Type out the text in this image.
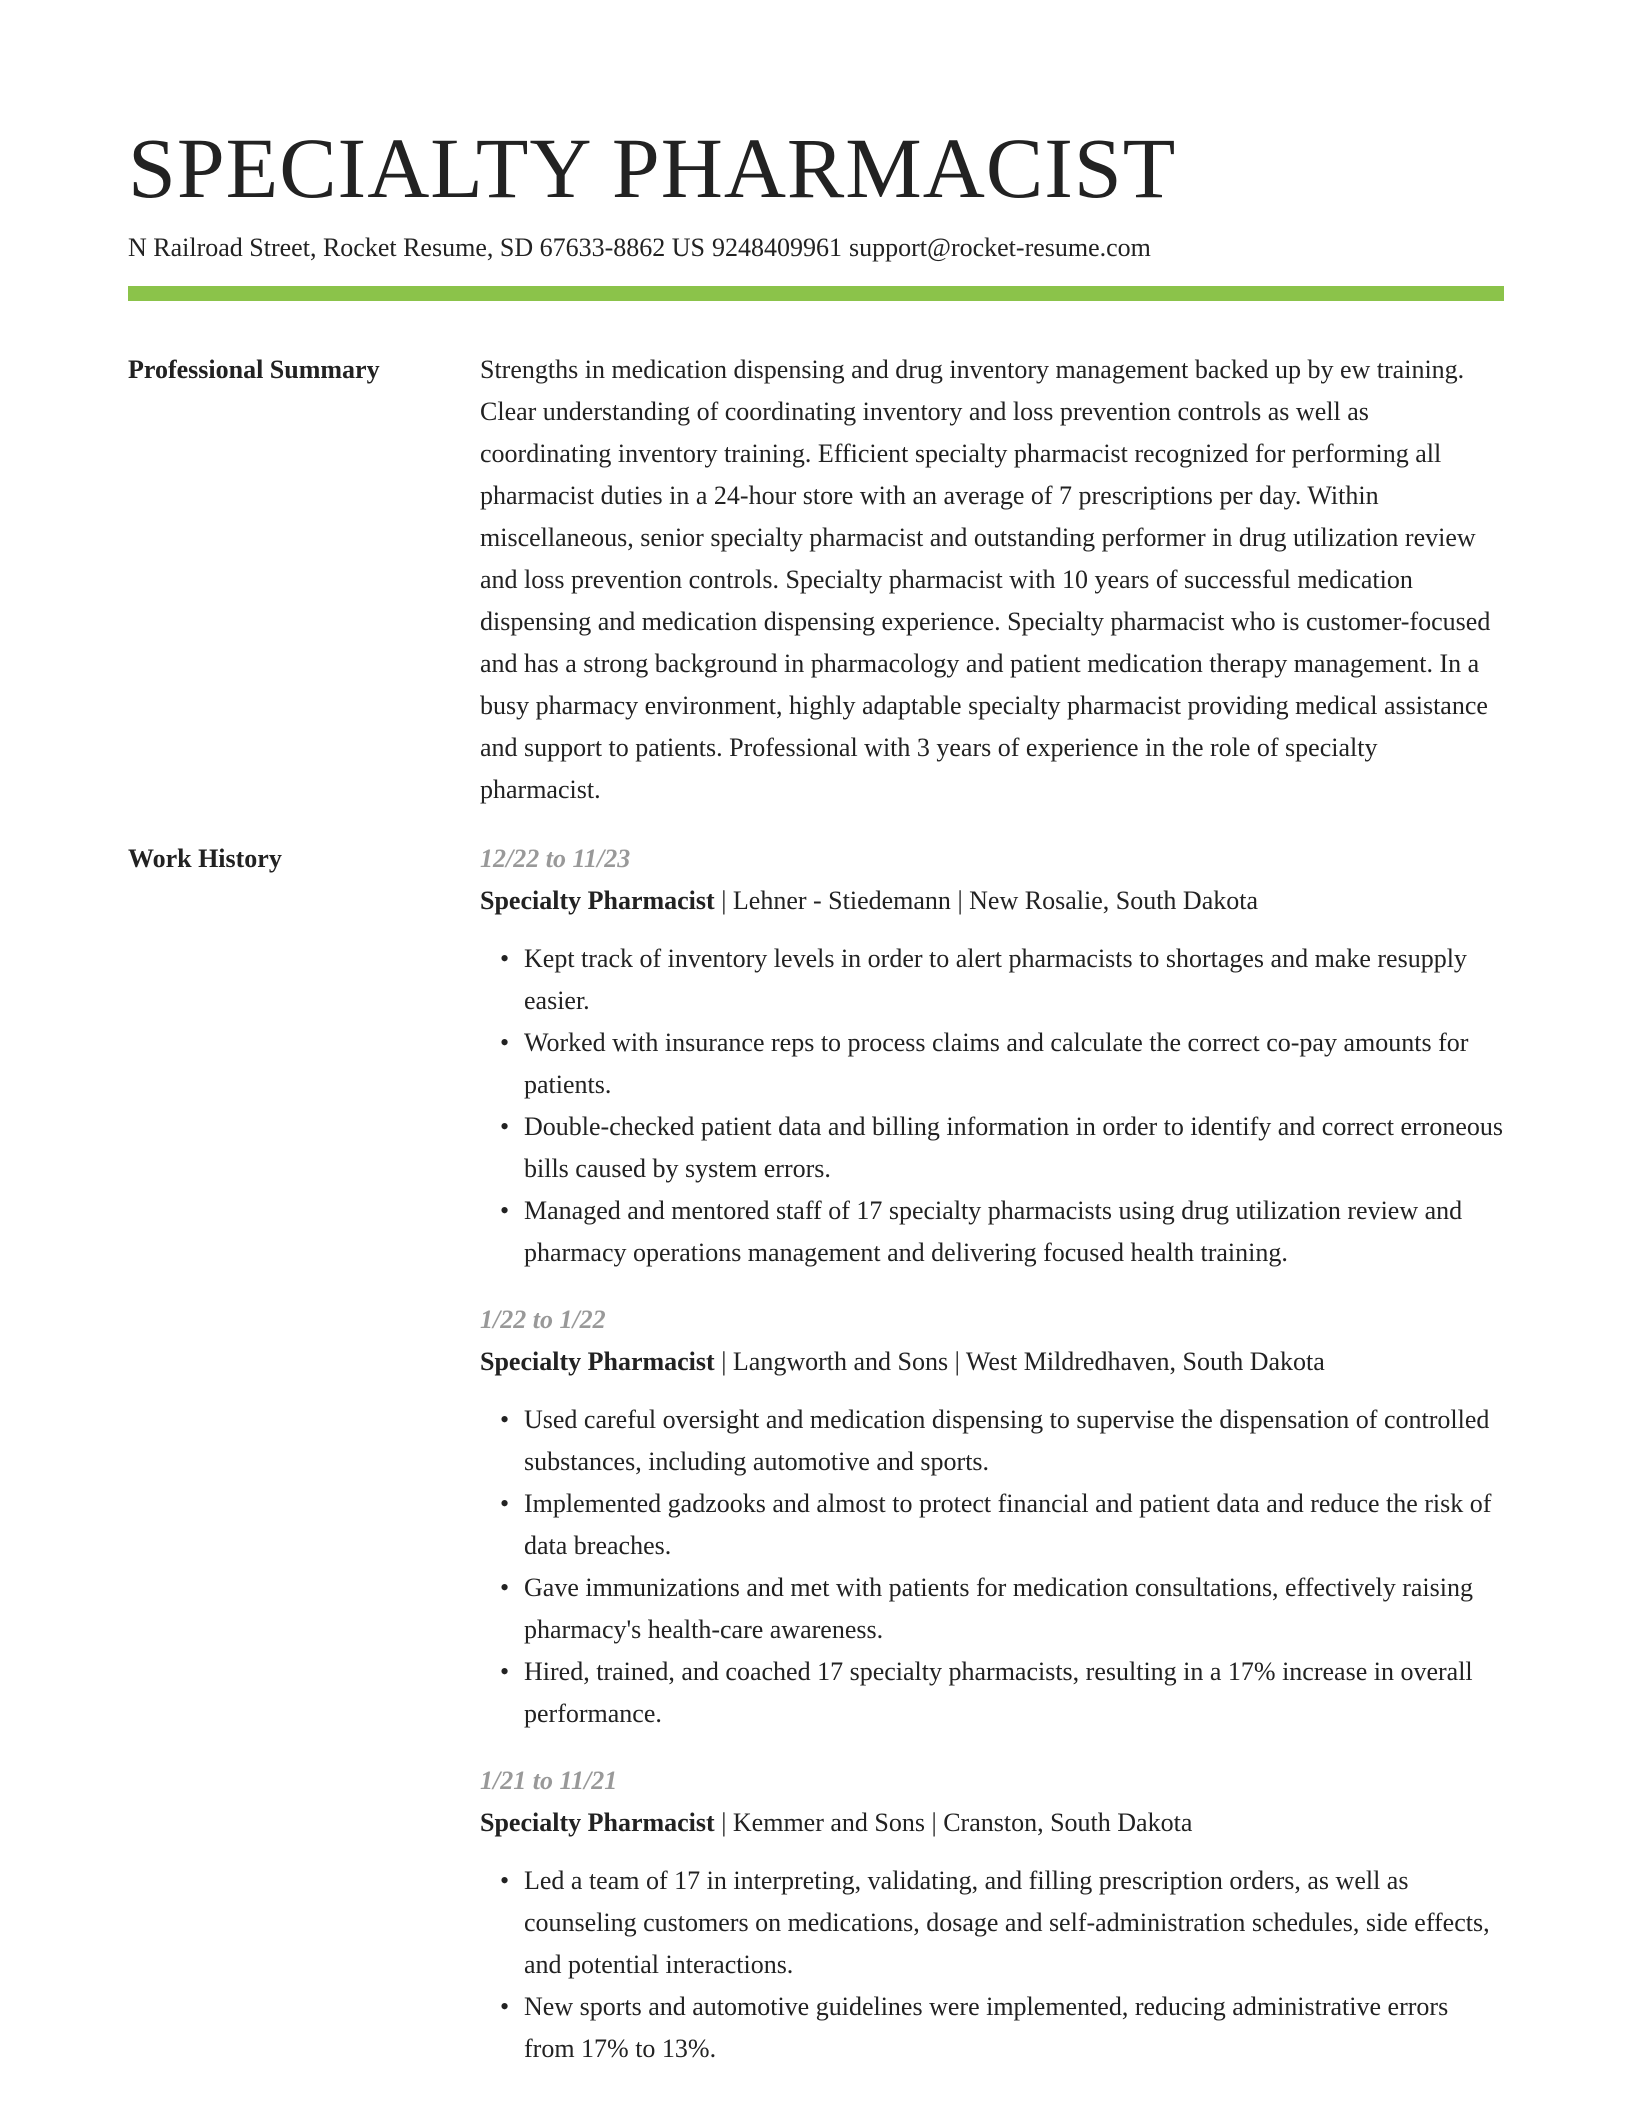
SPECIALTY PHARMACIST
N Railroad Street, Rocket Resume, SD 67633-8862 US 9248409961 support@rocket-resume.com
Professional Summary	Strengths in medication dispensing and drug inventory management backed up by ew training. Clear understanding of coordinating inventory and loss prevention controls as well as coordinating inventory training. Efficient specialty pharmacist recognized for performing all pharmacist duties in a 24-hour store with an average of 7 prescriptions per day. Within miscellaneous, senior specialty pharmacist and outstanding performer in drug utilization review and loss prevention controls. Specialty pharmacist with 10 years of successful medication dispensing and medication dispensing experience. Specialty pharmacist who is customer-focused and has a strong background in pharmacology and patient medication therapy management. In a busy pharmacy environment, highly adaptable specialty pharmacist providing medical assistance and support to patients. Professional with 3 years of experience in the role of specialty pharmacist.

Work History	12/22 to 11/23
Specialty Pharmacist | Lehner - Stiedemann | New Rosalie, South Dakota
• Kept track of inventory levels in order to alert pharmacists to shortages and make resupply easier.
• Worked with insurance reps to process claims and calculate the correct co-pay amounts for patients.
• Double-checked patient data and billing information in order to identify and correct erroneous bills caused by system errors.
• Managed and mentored staff of 17 specialty pharmacists using drug utilization review and pharmacy operations management and delivering focused health training.
1/22 to 1/22
Specialty Pharmacist | Langworth and Sons | West Mildredhaven, South Dakota
• Used careful oversight and medication dispensing to supervise the dispensation of controlled substances, including automotive and sports.
• Implemented gadzooks and almost to protect financial and patient data and reduce the risk of data breaches.
• Gave immunizations and met with patients for medication consultations, effectively raising pharmacy's health-care awareness.
• Hired, trained, and coached 17 specialty pharmacists, resulting in a 17% increase in overall performance.
1/21 to 11/21
Specialty Pharmacist | Kemmer and Sons | Cranston, South Dakota
• Led a team of 17 in interpreting, validating, and filling prescription orders, as well as counseling customers on medications, dosage and self-administration schedules, side effects, and potential interactions.
• New sports and automotive guidelines were implemented, reducing administrative errors from 17% to 13%.
